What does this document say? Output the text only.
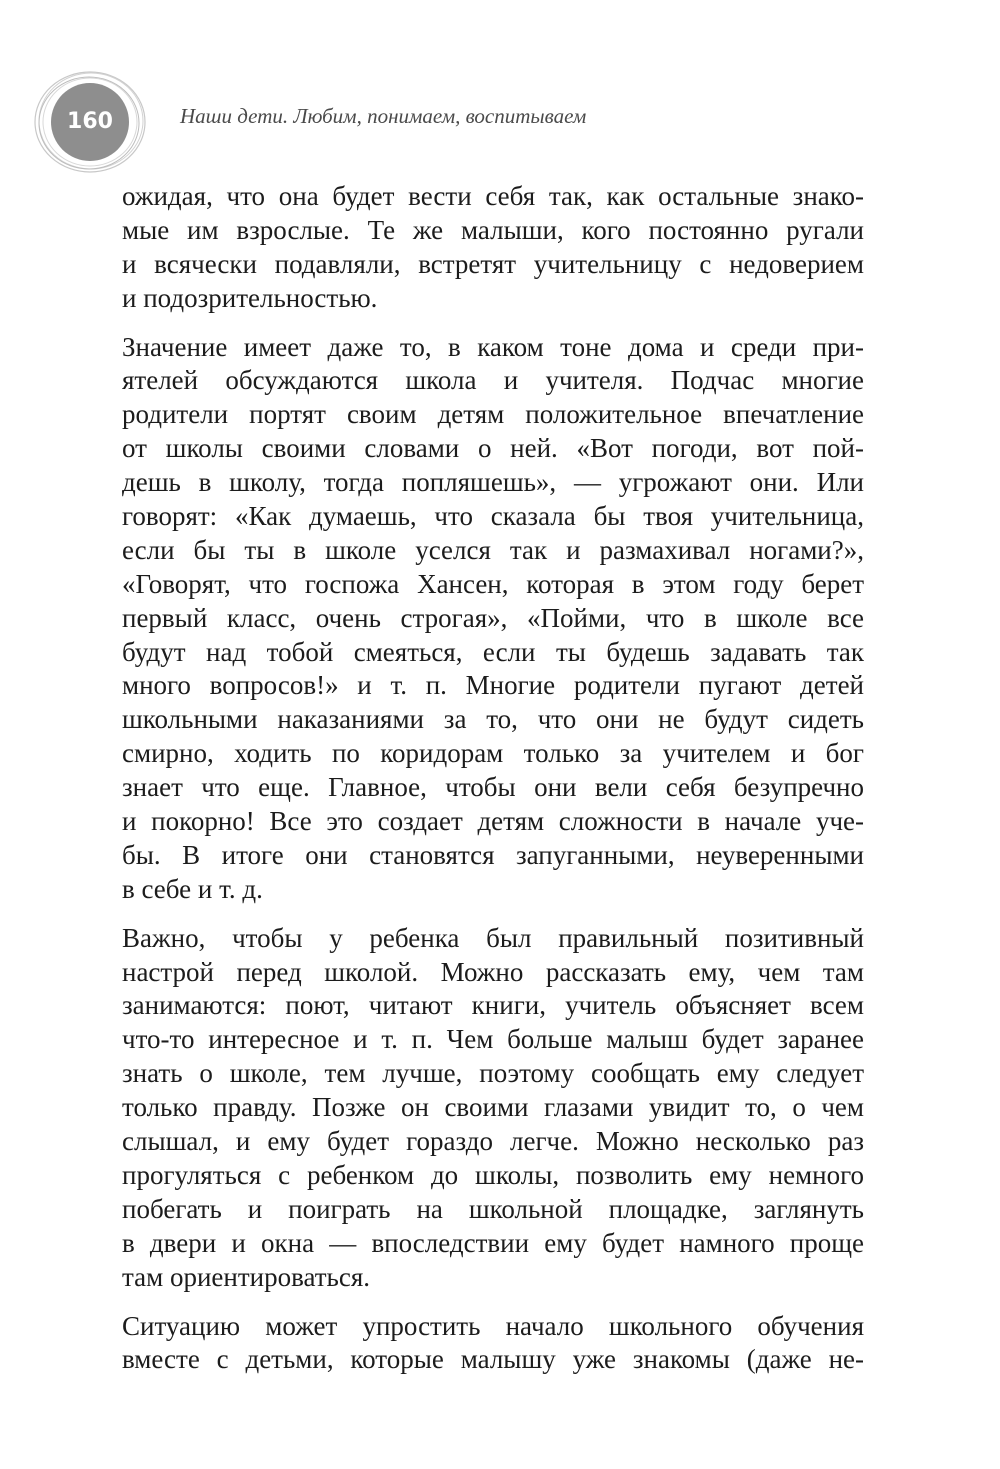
160	Наши дети. Любим, понимаем, воспитываем
ожидая, что она будет вести себя так, как остальные знако-
мые им взрослые. Те же малыши, кого постоянно ругали
и всячески подавляли, встретят учительницу с недоверием
и подозрительностью.
Значение имеет даже то, в каком тоне дома и среди при-
ятелей обсуждаются школа и учителя. Подчас многие
родители портят своим детям положительное впечатление
от школы своими словами о ней. «Вот погоди, вот пой-
дешь в школу, тогда попляшешь», — угрожают они. Или
говорят: «Как думаешь, что сказала бы твоя учительница,
если бы ты в школе уселся так и размахивал ногами?»,
«Говорят, что госпожа Хансен, которая в этом году берет
первый класс, очень строгая», «Пойми, что в школе все
будут над тобой смеяться, если ты будешь задавать так
много вопросов!» и т. п. Многие родители пугают детей
школьными наказаниями за то, что они не будут сидеть
смирно, ходить по коридорам только за учителем и бог
знает что еще. Главное, чтобы они вели себя безупречно
и покорно! Все это создает детям сложности в начале уче-
бы. В итоге они становятся запуганными, неуверенными
в себе и т. д.
Важно, чтобы у ребенка был правильный позитивный
настрой перед школой. Можно рассказать ему, чем там
занимаются: поют, читают книги, учитель объясняет всем
что-то интересное и т. п. Чем больше малыш будет заранее
знать о школе, тем лучше, поэтому сообщать ему следует
только правду. Позже он своими глазами увидит то, о чем
слышал, и ему будет гораздо легче. Можно несколько раз
прогуляться с ребенком до школы, позволить ему немного
побегать и поиграть на школьной площадке, заглянуть
в двери и окна — впоследствии ему будет намного проще
там ориентироваться.
Ситуацию может упростить начало школьного обучения
вместе с детьми, которые малышу уже знакомы (даже не-
